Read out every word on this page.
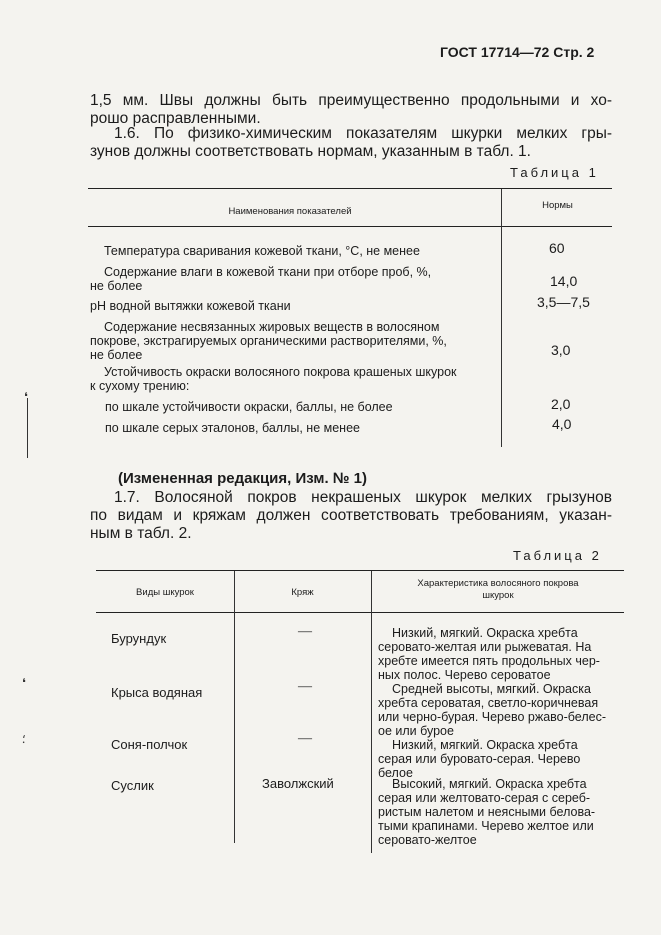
ГОСТ 17714—72 Стр. 2
1,5 мм. Швы должны быть преимущественно продольными и хо-
рошо расправленными.
1.6. По физико-химическим показателям шкурки мелких гры-
зунов должны соответствовать нормам, указанным в табл. 1.
Таблица 1
Наименования показателей
Нормы
Температура сваривания кожевой ткани, °С, не менее	60
Содержание влаги в кожевой ткани при отборе проб, %,
не более	14,0
pH водной вытяжки кожевой ткани	3,5—7,5
Содержание несвязанных жировых веществ в волосяном
покрове, экстрагируемых органическими растворителями, %,
не более	3,0
Устойчивость окраски волосяного покрова крашеных шкурок
к сухому трению:
по шкале устойчивости окраски, баллы, не более	2,0
по шкале серых эталонов, баллы, не менее	4,0
(Измененная редакция, Изм. № 1)
1.7. Волосяной покров некрашеных шкурок мелких грызунов
по видам и кряжам должен соответствовать требованиям, указан-
ным в табл. 2.
Таблица 2
Виды шкурок	Кряж
Характеристика волосяного покрова
шкурок
Бурундук	—	Низкий, мягкий. Окраска хребта
серовато-желтая или рыжеватая. На
хребте имеется пять продольных чер-
ных полос. Черево сероватое
Крыса водяная	—	Средней высоты, мягкий. Окраска
хребта сероватая, светло-коричневая
или черно-бурая. Черево ржаво-белес-
ое или бурое
Соня-полчок	—	Низкий, мягкий. Окраска хребта
серая или буровато-серая. Черево
белое
Суслик	Заволжский	Высокий, мягкий. Окраска хребта
серая или желтовато-серая с сереб-
ристым налетом и неясными белова-
тыми крапинами. Черево желтое или
серовато-желтое
❛
❛
⸵
